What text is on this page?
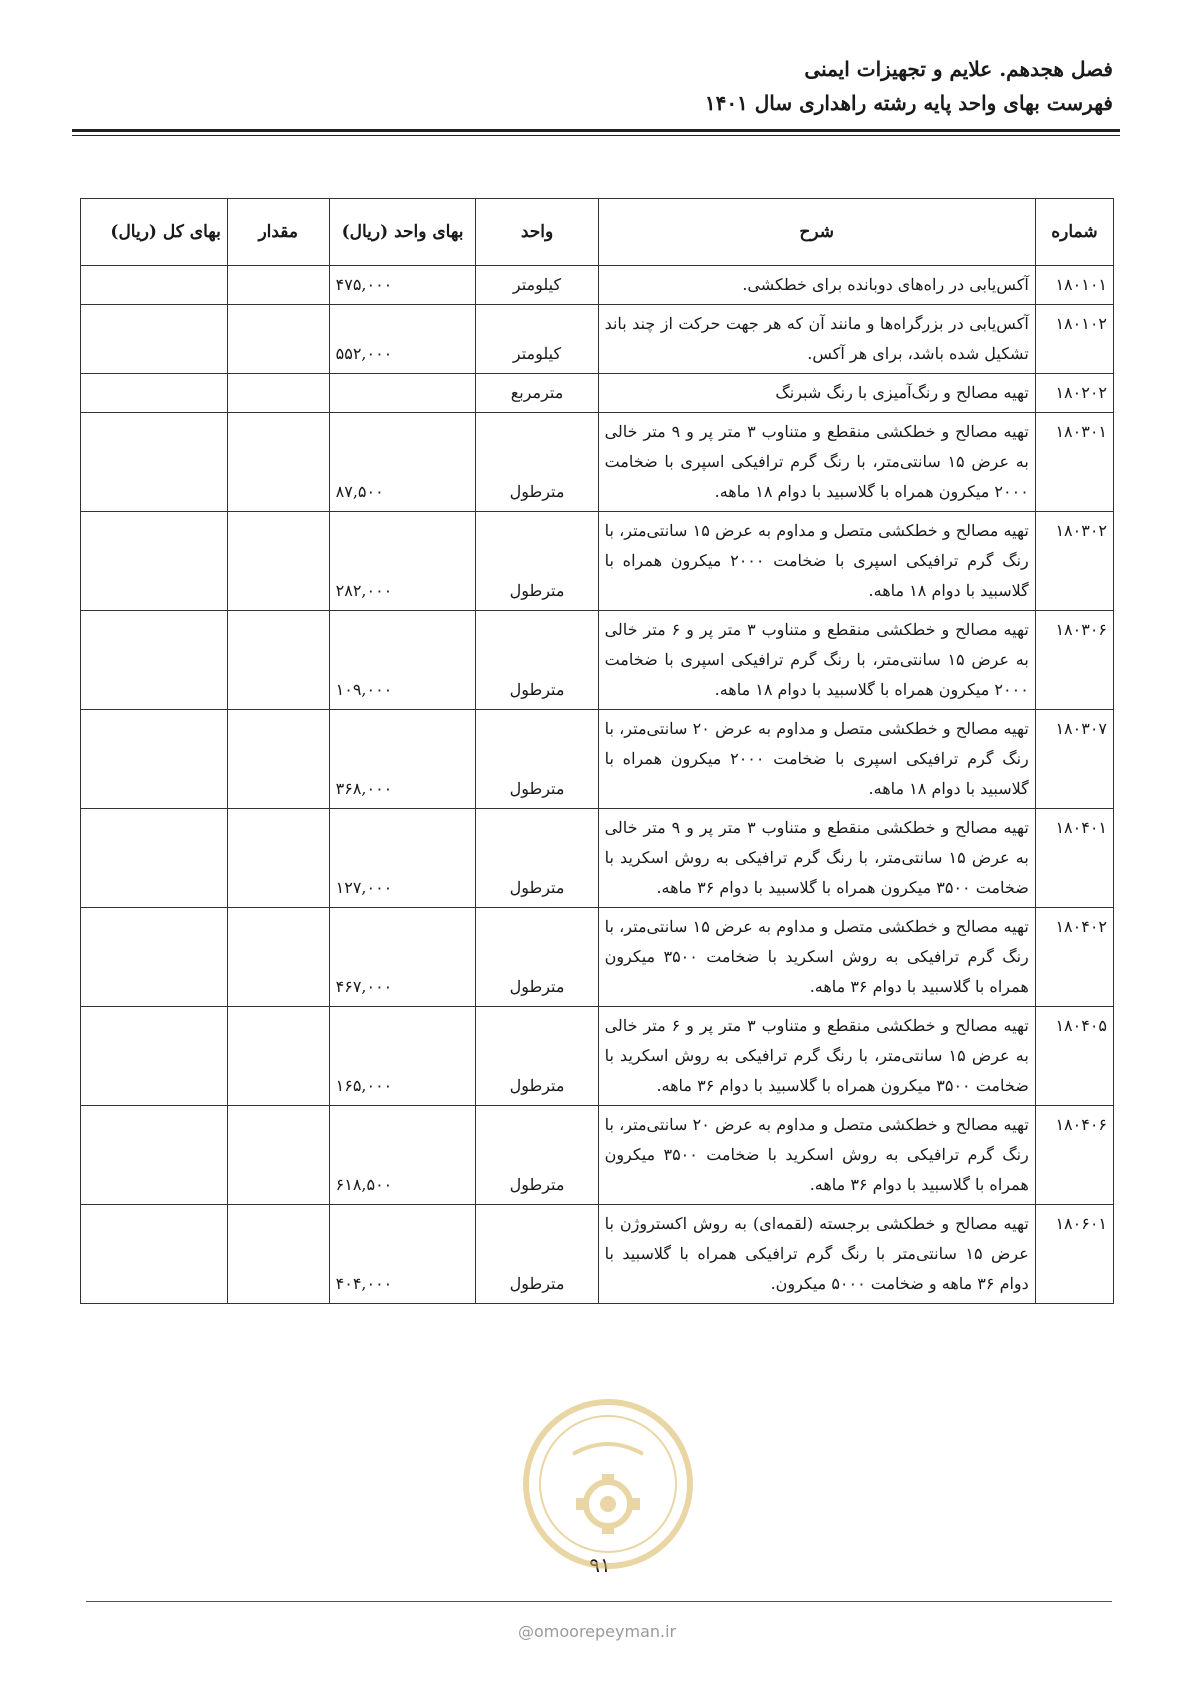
فصل هجدهم. علایم و تجهیزات ایمنی
فهرست بهای واحد پایه رشته راهداری سال ۱۴۰۱
شماره	شرح	واحد	بهای واحد (ریال)	مقدار	بهای کل (ریال)
۱۸۰۱۰۱	آکس‌یابی در راه‌های دوبانده برای خطکشی.	کیلومتر	۴۷۵,۰۰۰		
۱۸۰۱۰۲	آکس‌یابی در بزرگراه‌ها و مانند آن که هر جهت حرکت از چند باند تشکیل شده باشد، برای هر آکس.	کیلومتر	۵۵۲,۰۰۰		
۱۸۰۲۰۲	تهیه مصالح و رنگ‌آمیزی با رنگ شبرنگ	مترمربع			
۱۸۰۳۰۱	تهیه مصالح و خطکشی منقطع و متناوب ۳ متر پر و ۹ متر خالی به عرض ۱۵ سانتی‌متر، با رنگ گرم ترافیکی اسپری با ضخامت ۲۰۰۰ میکرون همراه با گلاسبید با دوام ۱۸ ماهه.	مترطول	۸۷,۵۰۰		
۱۸۰۳۰۲	تهیه مصالح و خطکشی متصل و مداوم به عرض ۱۵ سانتی‌متر، با رنگ گرم ترافیکی اسپری با ضخامت ۲۰۰۰ میکرون همراه با گلاسبید با دوام ۱۸ ماهه.	مترطول	۲۸۲,۰۰۰		
۱۸۰۳۰۶	تهیه مصالح و خطکشی منقطع و متناوب ۳ متر پر و ۶ متر خالی به عرض ۱۵ سانتی‌متر، با رنگ گرم ترافیکی اسپری با ضخامت ۲۰۰۰ میکرون همراه با گلاسبید با دوام ۱۸ ماهه.	مترطول	۱۰۹,۰۰۰		
۱۸۰۳۰۷	تهیه مصالح و خطکشی متصل و مداوم به عرض ۲۰ سانتی‌متر، با رنگ گرم ترافیکی اسپری با ضخامت ۲۰۰۰ میکرون همراه با گلاسبید با دوام ۱۸ ماهه.	مترطول	۳۶۸,۰۰۰		
۱۸۰۴۰۱	تهیه مصالح و خطکشی منقطع و متناوب ۳ متر پر و ۹ متر خالی به عرض ۱۵ سانتی‌متر، با رنگ گرم ترافیکی به روش اسکرید با ضخامت ۳۵۰۰ میکرون همراه با گلاسبید با دوام ۳۶ ماهه.	مترطول	۱۲۷,۰۰۰		
۱۸۰۴۰۲	تهیه مصالح و خطکشی متصل و مداوم به عرض ۱۵ سانتی‌متر، با رنگ گرم ترافیکی به روش اسکرید با ضخامت ۳۵۰۰ میکرون همراه با گلاسبید با دوام ۳۶ ماهه.	مترطول	۴۶۷,۰۰۰		
۱۸۰۴۰۵	تهیه مصالح و خطکشی منقطع و متناوب ۳ متر پر و ۶ متر خالی به عرض ۱۵ سانتی‌متر، با رنگ گرم ترافیکی به روش اسکرید با ضخامت ۳۵۰۰ میکرون همراه با گلاسبید با دوام ۳۶ ماهه.	مترطول	۱۶۵,۰۰۰		
۱۸۰۴۰۶	تهیه مصالح و خطکشی متصل و مداوم به عرض ۲۰ سانتی‌متر، با رنگ گرم ترافیکی به روش اسکرید با ضخامت ۳۵۰۰ میکرون همراه با گلاسبید با دوام ۳۶ ماهه.	مترطول	۶۱۸,۵۰۰		
۱۸۰۶۰۱	تهیه مصالح و خطکشی برجسته (لقمه‌ای) به روش اکستروژن با عرض ۱۵ سانتی‌متر با رنگ گرم ترافیکی همراه با گلاسبید با دوام ۳۶ ماهه و ضخامت ۵۰۰۰ میکرون.	مترطول	۴۰۴,۰۰۰		
۹۱
@omoorepeyman.ir
